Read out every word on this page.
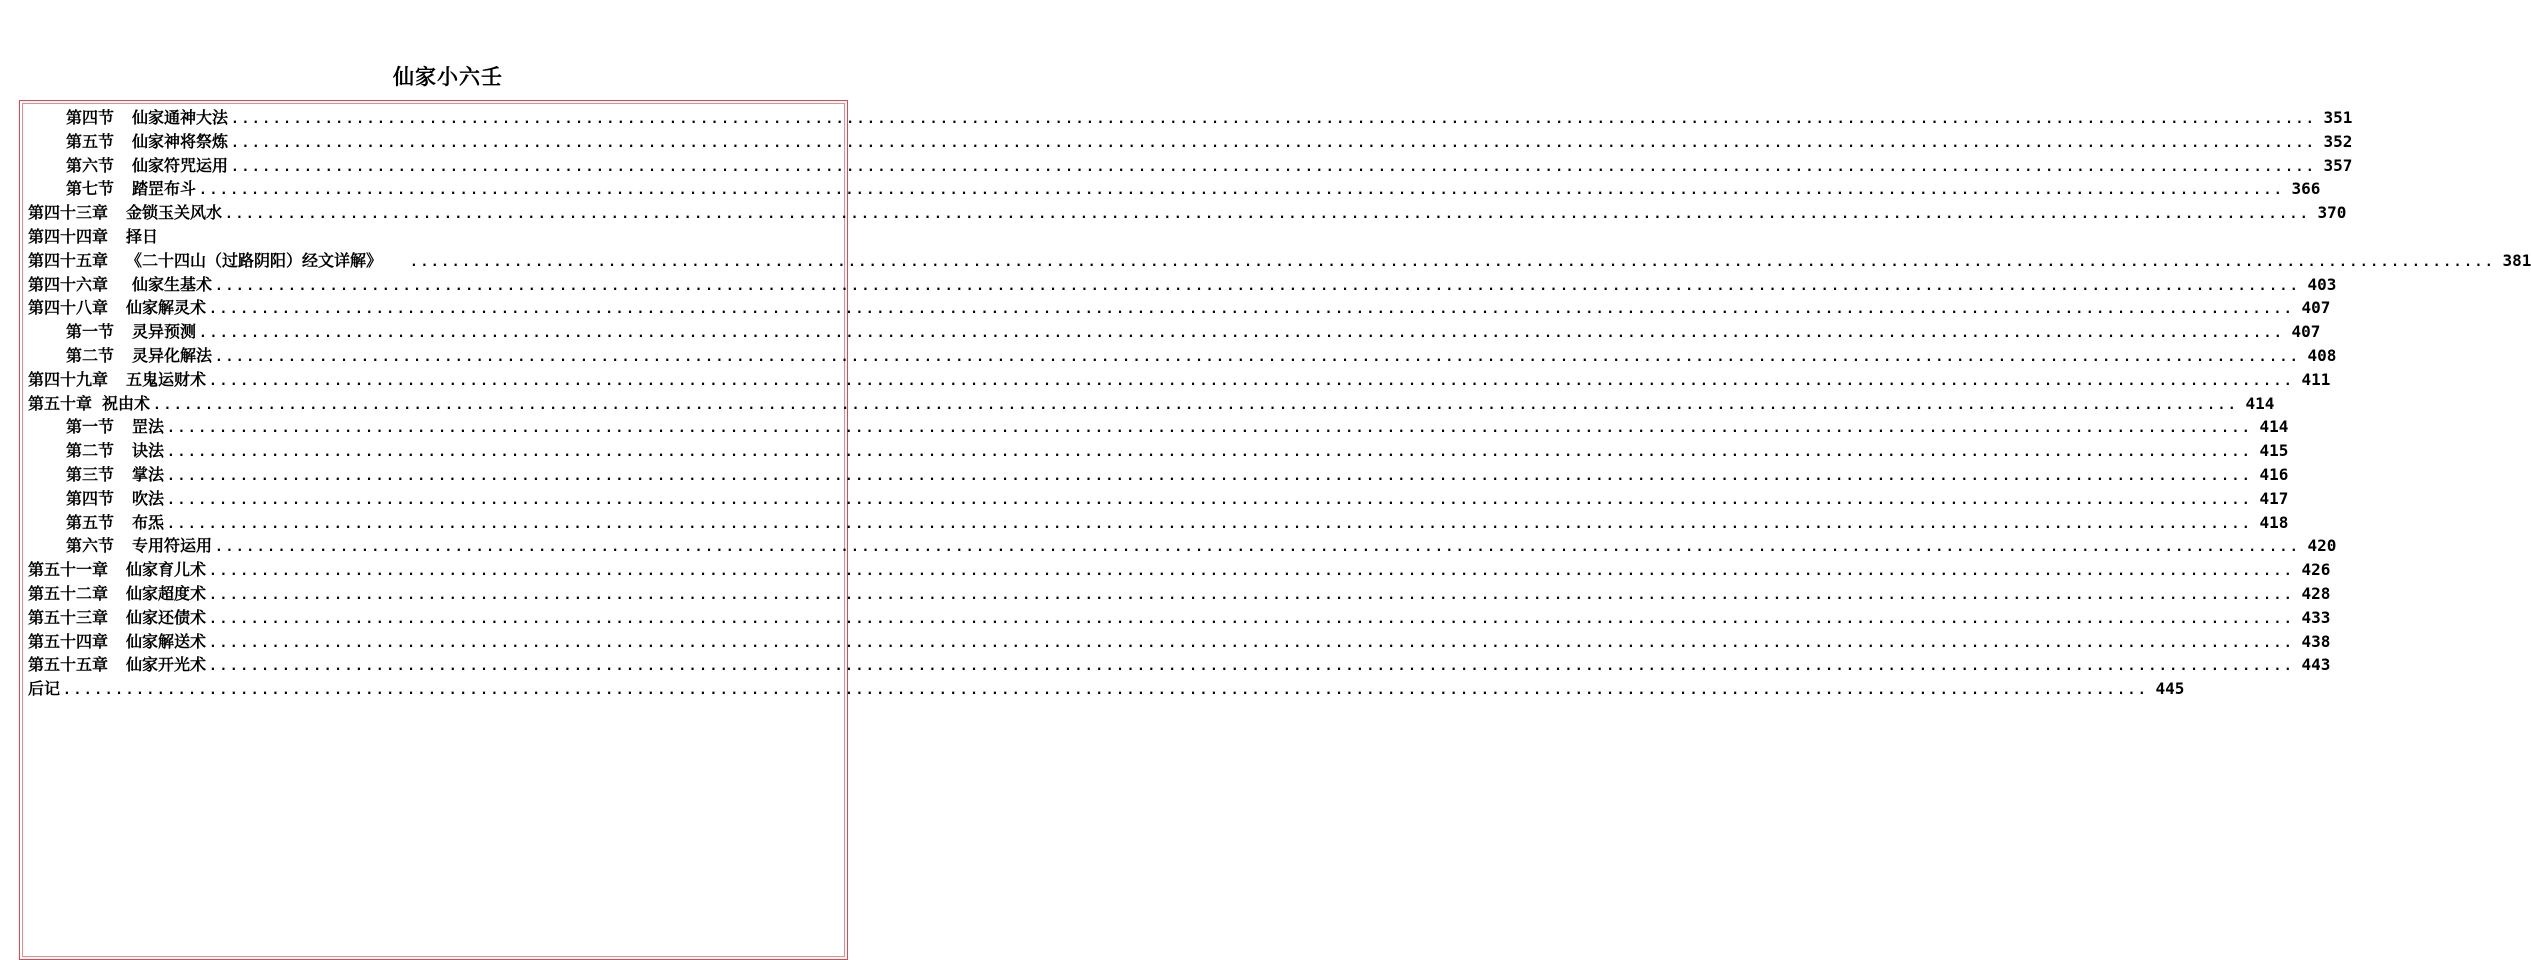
仙家小六壬
第四节 仙家通神大法 ........................................................................................................................................................................................................ 351
第五节 仙家神将祭炼 ........................................................................................................................................................................................................ 352
第六节 仙家符咒运用 ........................................................................................................................................................................................................ 357
第七节 踏罡布斗 ........................................................................................................................................................................................................ 366
第四十三章 金锁玉关风水 ........................................................................................................................................................................................................ 370
第四十四章 择日
第四十五章 《二十四山（过路阴阳）经文详解》 ........................................................................................................................................................................................................ 381
第四十六章 仙家生基术 ........................................................................................................................................................................................................ 403
第四十八章 仙家解灵术 ........................................................................................................................................................................................................ 407
第一节 灵异预测 ........................................................................................................................................................................................................ 407
第二节 灵异化解法 ........................................................................................................................................................................................................ 408
第四十九章 五鬼运财术 ........................................................................................................................................................................................................ 411
第五十章 祝由术 ........................................................................................................................................................................................................ 414
第一节 罡法 ........................................................................................................................................................................................................ 414
第二节 诀法 ........................................................................................................................................................................................................ 415
第三节 掌法 ........................................................................................................................................................................................................ 416
第四节 吹法 ........................................................................................................................................................................................................ 417
第五节 布炁 ........................................................................................................................................................................................................ 418
第六节 专用符运用 ........................................................................................................................................................................................................ 420
第五十一章 仙家育儿术 ........................................................................................................................................................................................................ 426
第五十二章 仙家超度术 ........................................................................................................................................................................................................ 428
第五十三章 仙家还债术 ........................................................................................................................................................................................................ 433
第五十四章 仙家解送术 ........................................................................................................................................................................................................ 438
第五十五章 仙家开光术 ........................................................................................................................................................................................................ 443
后记 ........................................................................................................................................................................................................ 445
